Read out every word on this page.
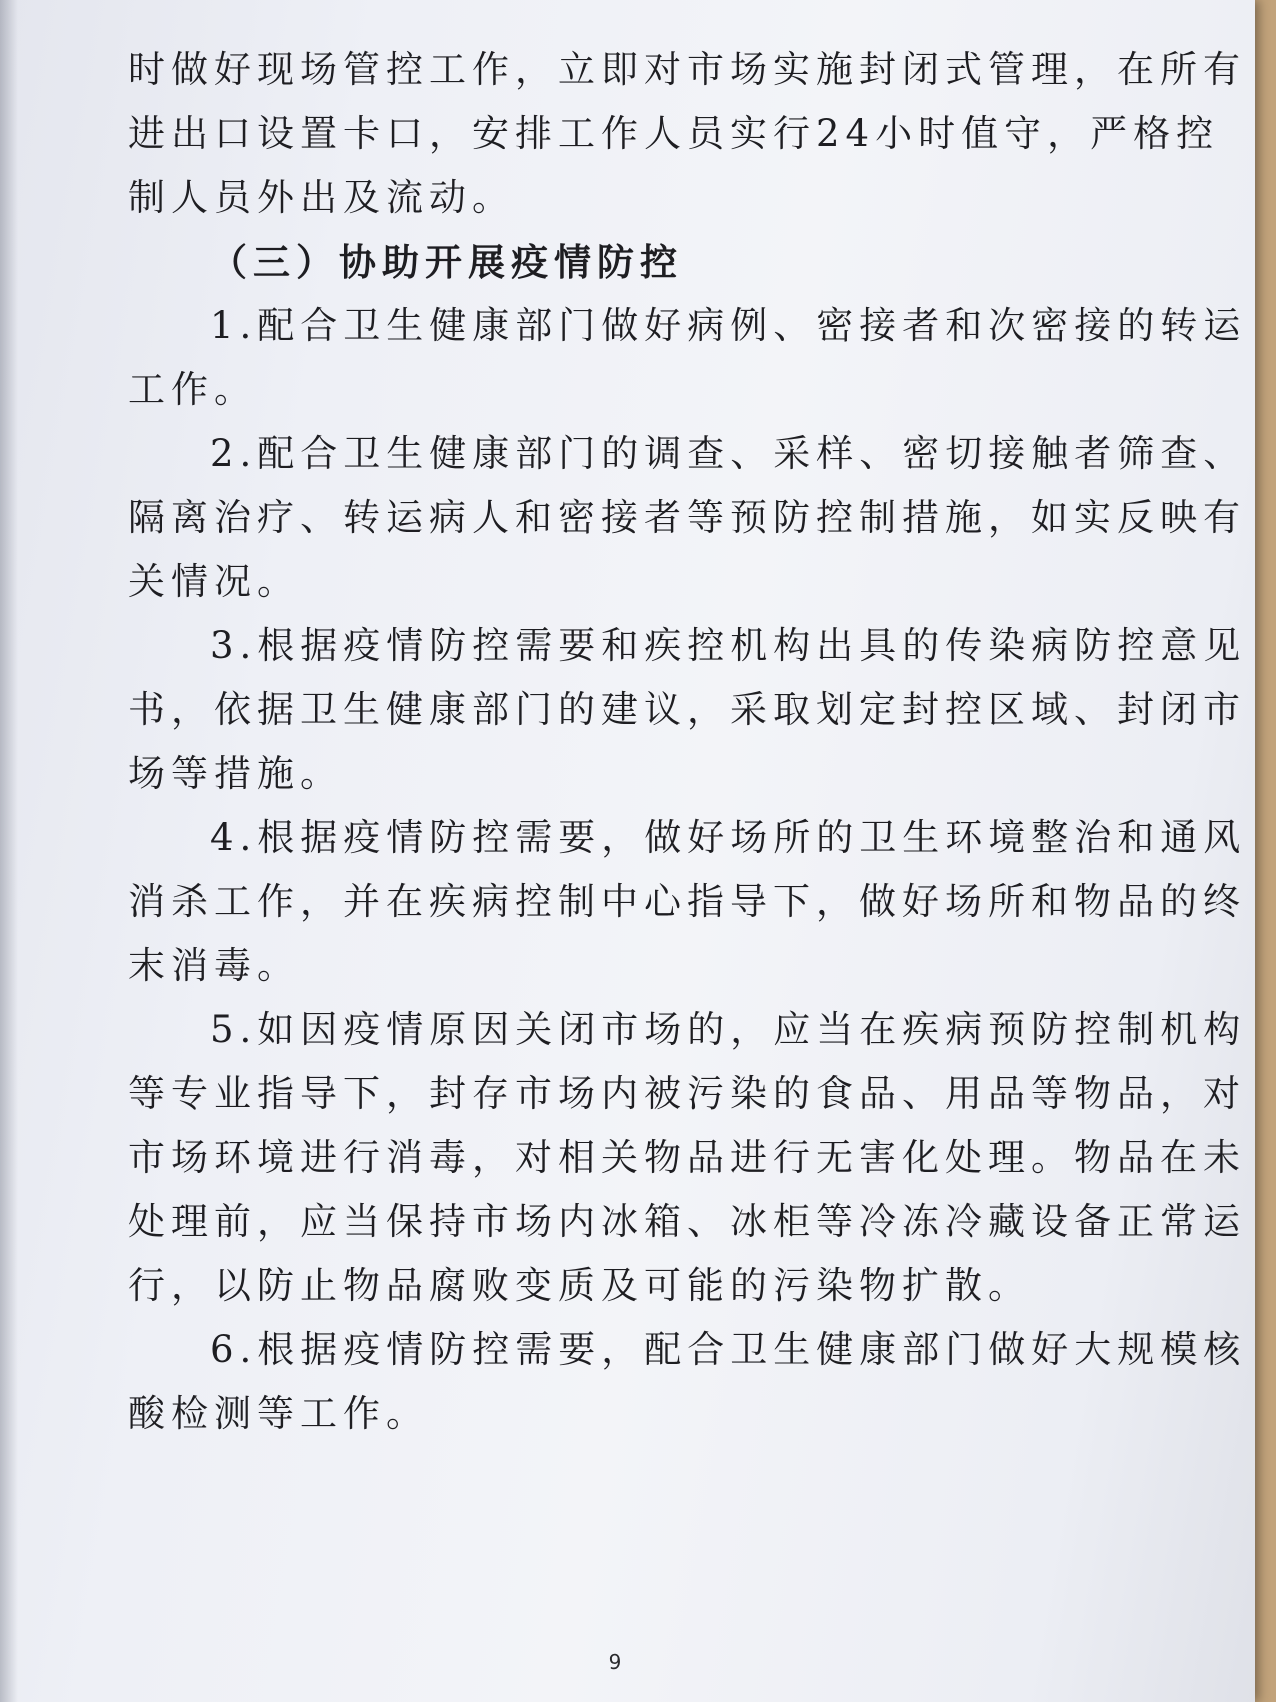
时做好现场管控工作，立即对市场实施封闭式管理，在所有
进出口设置卡口，安排工作人员实行24小时值守，严格控
制人员外出及流动。
（三）协助开展疫情防控
1.配合卫生健康部门做好病例、密接者和次密接的转运
工作。
2.配合卫生健康部门的调查、采样、密切接触者筛查、
隔离治疗、转运病人和密接者等预防控制措施，如实反映有
关情况。
3.根据疫情防控需要和疾控机构出具的传染病防控意见
书，依据卫生健康部门的建议，采取划定封控区域、封闭市
场等措施。
4.根据疫情防控需要，做好场所的卫生环境整治和通风
消杀工作，并在疾病控制中心指导下，做好场所和物品的终
末消毒。
5.如因疫情原因关闭市场的，应当在疾病预防控制机构
等专业指导下，封存市场内被污染的食品、用品等物品，对
市场环境进行消毒，对相关物品进行无害化处理。物品在未
处理前，应当保持市场内冰箱、冰柜等冷冻冷藏设备正常运
行，以防止物品腐败变质及可能的污染物扩散。
6.根据疫情防控需要，配合卫生健康部门做好大规模核
酸检测等工作。
9
